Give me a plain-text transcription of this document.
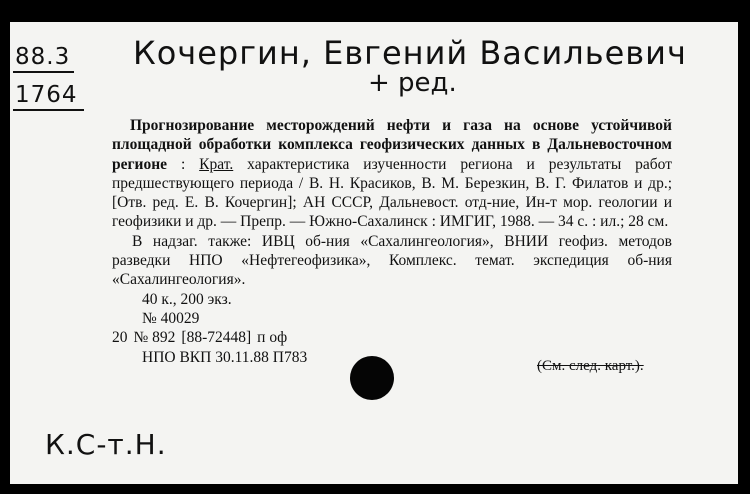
88.3
1764
Кочергин, Евгений Васильевич
+ ред.

Прогнозирование месторождений нефти и газа на основе устойчивой площадной обработки комплекса геофизических данных в Дальневосточном регионе : Крат. характеристика изученности региона и результаты работ предшествующего периода / В. Н. Красиков, В. М. Березкин, В. Г. Филатов и др.; [Отв. ред. Е. В. Кочергин]; АН СССР, Дальневост. отд-ние, Ин-т мор. геологии и геофизики и др. — Препр. — Южно-Сахалинск : ИМГИГ, 1988. — 34 с. : ил.; 28 см.

В надзаг. также: ИВЦ об-ния «Сахалингеология», ВНИИ геофиз. методов разведки НПО «Нефтегеофизика», Комплекс. темат. экспедиция об-ния «Сахалингеология».

40 к., 200 экз.

№ 40029

20 № 892 [88-72448] п оф

НПО ВКП 30.11.88 П783

(См. след. карт.).
К.С-т.Н.
